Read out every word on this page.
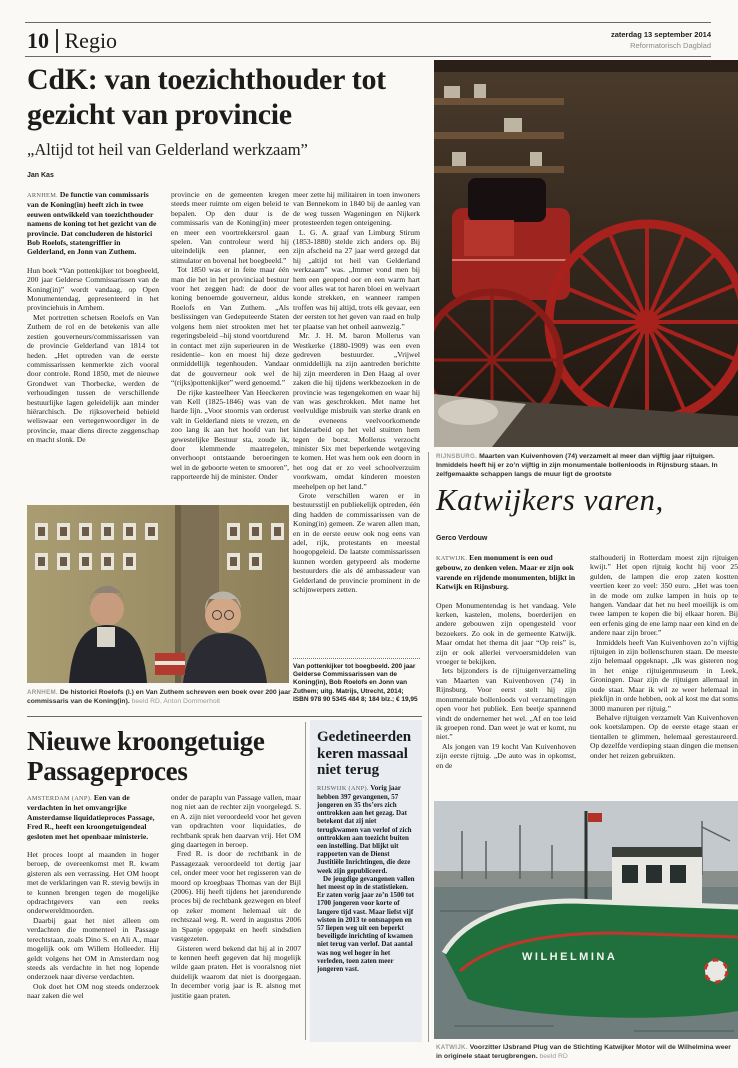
10 Regio	zaterdag 13 september 2014
Reformatorisch Dagblad
CdK: van toezichthouder tot gezicht van provincie
„Altijd tot heil van Gelderland werkzaam”
Jan Kas

ARNHEM. De functie van commissaris van de Koning(in) heeft zich in twee eeuwen ontwikkeld van toezichthouder namens de koning tot het gezicht van de provincie. Dat concluderen de historici Bob Roelofs, statengriffier in Gelderland, en Jonn van Zuthem.

Hun boek “Van pottenkijker tot boegbeeld, 200 jaar Gelderse Commissarissen van de Koning(in)” wordt vandaag, op Open Monumentendag, gepresenteerd in het provinciehuis in Arnhem.

Met portretten schetsen Roelofs en Van Zuthem de rol en de betekenis van alle zestien gouverneurs/commissarissen van de provincie Gelderland van 1814 tot heden. „Het optreden van de eerste commissarissen kenmerkte zich vooral door controle. Rond 1850, met de nieuwe Grondwet van Thorbecke, werden de verhoudingen tussen de verschillende bestuurlijke lagen geleidelijk aan minder hiërarchisch. De rijksoverheid behield weliswaar een vertegenwoordiger in de provincie, maar diens directe zeggenschap en macht slonk. De

provincie en de gemeenten kregen steeds meer ruimte om eigen beleid te bepalen. Op den duur is de commissaris van de Koning(in) meer en meer een voortrekkersrol gaan spelen. Van controleur werd hij uiteindelijk een planner, een stimulator en bovenal het boegbeeld.”

Tot 1850 was er in feite maar één man die het in het provinciaal bestuur voor het zeggen had: de door de koning benoemde gouverneur, aldus Roelofs en Van Zuthem. „Als beslissingen van Gedeputeerde Staten volgens hem niet strookten met het regeringsbeleid –hij stond voortdurend in contact met zijn superieuren in de residentie– kon en moest hij deze onmiddellijk tegenhouden. Vandaar dat de gouverneur ook wel de “(rijks)pottenkijker” werd genoemd.”

De rijke kasteelheer Van Heeckeren van Kell (1825-1846) was van de harde lijn. „Voor stoornis van orderust valt in Gelderland niets te vrezen, en zoo lang ik aan het hoofd van het gewestelijke Bestuur sta, zoude ik, door klemmende maatregelen, onverhoopt ontstaande beroeringen wel in de geboorte weten te smooren”, rapporteerde hij de minister. Onder

meer zette hij militairen in toen inwoners van Bennekom in 1840 bij de aanleg van de weg tussen Wageningen en Nijkerk protesteerden tegen onteigening.

L. G. A. graaf van Limburg Stirum (1853-1880) stelde zich anders op. Bij zijn afscheid na 27 jaar werd gezegd dat hij „altijd tot heil van Gelderland werkzaam” was. „Immer vond men bij hem een geopend oor en een warm hart voor alles wat tot haren bloei en welvaart konde strekken, en wanneer rampen troffen was hij altijd, trots elk gevaar, een der eersten tot het geven van raad en hulp ter plaatse van het onheil aanwezig.”

Mr. J. H. M. baron Mollerus van Westkerke (1880-1909) was een even gedreven bestuurder. „Vrijwel onmiddellijk na zijn aantreden berichtte hij zijn meerderen in Den Haag al over zaken die hij tijdens werkbezoeken in de provincie was tegengekomen en waar hij van was geschrokken. Met name het veelvuldige misbruik van sterke drank en de eveneens veelvoorkomende kinderarbeid op het veld stuitten hem tegen de borst. Mollerus verzocht minister Six met beperkende wetgeving te komen. Het was hem ook een doorn in het oog dat er zo veel schoolverzuim voorkwam, omdat kinderen moesten meehelpen op het land.”

Grote verschillen waren er in bestuursstijl en publiekelijk optreden, één ding hadden de commissarissen van de Koning(in) gemeen. Ze waren allen man, en in de eerste eeuw ook nog eens van adel, rijk, protestants en meestal hoogopgeleid. De laatste commissarissen kunnen worden getypeerd als moderne bestuurders die als dé ambassadeur van Gelderland de provincie prominent in de schijnwerpers zetten.

Van pottenkijker tot boegbeeld. 200 jaar Gelderse Commissarissen van de Koning(in), Bob Roelofs en Jonn van Zuthem; uitg. Matrijs, Utrecht, 2014; ISBN 978 90 5345 484 8; 184 blz.; € 19,95
ARNHEM. De historici Roelofs (l.) en Van Zuthem schreven een boek over 200 jaar commissaris van de Koning(in). beeld RD, Anton Dommerholt
Nieuwe kroongetuige Passageproces

AMSTERDAM (ANP). Een van de verdachten in het omvangrijke Amsterdamse liquidatieproces Passage, Fred R., heeft een kroongetuigendeal gesloten met het openbaar ministerie.

Het proces loopt al maanden in hoger beroep, de overeenkomst met R. kwam gisteren als een verrassing. Het OM hoopt met de verklaringen van R. stevig bewijs in te kunnen brengen tegen de mogelijke opdrachtgevers van een reeks onderwereldmoorden.

Daarbij gaat het niet alleen om verdachten die momenteel in Passage terechtstaan, zoals Dino S. en Ali A., maar mogelijk ook om Willem Holleeder. Hij geldt volgens het OM in Amsterdam nog steeds als verdachte in het nog lopende onderzoek naar diverse verdachten.

Ook doet het OM nog steeds onderzoek naar zaken die wel

onder de paraplu van Passage vallen, maar nog niet aan de rechter zijn voorgelegd. S. en A. zijn niet veroordeeld voor het geven van opdrachten voor liquidaties, de rechtbank sprak hen daarvan vrij. Het OM ging daartegen in beroep.

Fred R. is door de rechtbank in de Passagezaak veroordeeld tot dertig jaar cel, onder meer voor het regisseren van de moord op kroegbaas Thomas van der Bijl (2006). Hij heeft tijdens het jarendurende proces bij de rechtbank gezwegen en bleef op zeker moment helemaal uit de rechtszaal weg. R. werd in augustus 2006 in Spanje opgepakt en heeft sindsdien vastgezeten.

Gisteren werd bekend dat hij al in 2007 te kennen heeft gegeven dat hij mogelijk wilde gaan praten. Het is vooralsnog niet duidelijk waarom dat niet is doorgegaan. In december vorig jaar is R. alsnog met justitie gaan praten.

Gedetineerden keren massaal niet terug

RIJSWIJK (ANP). Vorig jaar hebben 397 gevangenen, 57 jongeren en 35 tbs’ers zich onttrokken aan het gezag. Dat betekent dat zij niet terugkwamen van verlof of zich onttrokken aan toezicht buiten een instelling. Dat blijkt uit rapporten van de Dienst Justitiële Inrichtingen, die deze week zijn gepubliceerd.

De jeugdige gevangenen vallen het meest op in de statistieken. Er zaten vorig jaar zo’n 1500 tot 1700 jongeren voor korte of langere tijd vast. Maar liefst vijf wisten in 2013 te ontsnappen en 57 liepen weg uit een beperkt beveiligde inrichting of kwamen niet terug van verlof. Dat aantal was nog wel hoger in het verleden, toen zaten meer jongeren vast.

RIJNSBURG. Maarten van Kuivenhoven (74) verzamelt al meer dan vijftig jaar rijtuigen. Inmiddels heeft hij er zo’n vijftig in zijn monumentale bollenloods in Rijnsburg staan. In zelfgemaakte schappen langs de muur ligt de grootste
Katwijkers varen,
Gerco Verdouw

KATWIJK. Een monument is een oud gebouw, zo denken velen. Maar er zijn ook varende en rijdende monumenten, blijkt in Katwijk en Rijnsburg.

Open Monumentendag is het vandaag. Vele kerken, kastelen, molens, boerderijen en andere gebouwen zijn opengesteld voor bezoekers. Zo ook in de gemeente Katwijk. Maar omdat het thema dit jaar “Op reis” is, zijn er ook allerlei vervoersmiddelen van vroeger te bekijken.

Iets bijzonders is de rijtuigenverzameling van Maarten van Kuivenhoven (74) in Rijnsburg. Voor eerst stelt hij zijn monumentale bollenloods vol verzamelingen open voor het publiek. Een beetje spannend vindt de ondernemer het wel. „Af en toe leid ik groepen rond. Dan weet je wat er komt, nu niet.”

Als jongen van 19 kocht Van Kuivenhoven zijn eerste rijtuig. „De auto was in opkomst, en de

stalhouderij in Rotterdam moest zijn rijtuigen kwijt.” Het open rijtuig kocht hij voor 25 gulden, de lampen die erop zaten kostten veertien keer zo veel: 350 euro. „Het was toen in de mode om zulke lampen in huis op te hangen. Vandaar dat het nu heel moeilijk is om twee lampen te kopen die bij elkaar horen. Bij een erfenis ging de ene lamp naar een kind en de andere naar zijn broer.”

Inmiddels heeft Van Kuivenhoven zo’n vijftig rijtuigen in zijn bollenschuren staan. De meeste zijn helemaal opgeknapt. „Ik was gisteren nog in het enige rijtuigenmuseum in Leek, Groningen. Daar zijn de rijtuigen allemaal in oude staat. Maar ik wil ze weer helemaal in piekfijn in orde hebben, ook al kost me dat soms 3000 manuren per rijtuig.”

Behalve rijtuigen verzamelt Van Kuivenhoven ook koetslampen. Op de eerste etage staan er tientallen te glimmen, helemaal gerestaureerd. Op dezelfde verdieping staan dingen die mensen onder het reizen gebruikten.

WILHELMINA
KATWIJK. Voorzitter IJsbrand Plug van de Stichting Katwijker Motor wil de Wilhelmina weer in originele staat terugbrengen. beeld RD
